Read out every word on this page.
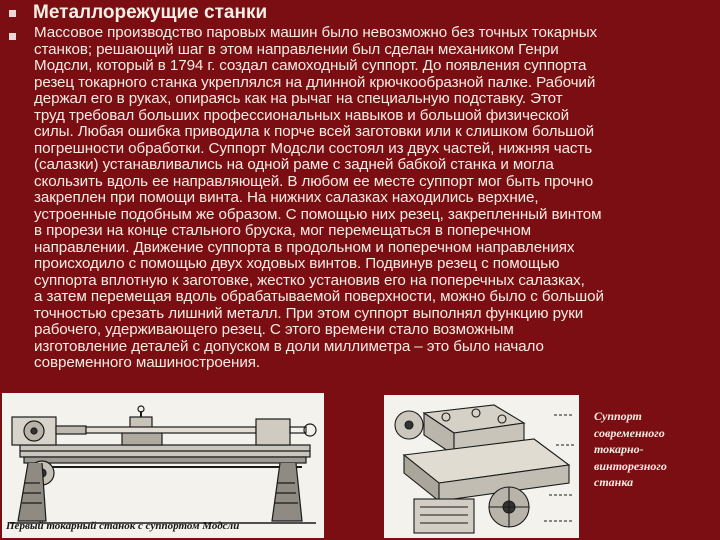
Металлорежущие станки
Массовое производство паровых машин было невозможно без точных токарных
станков; решающий шаг в этом направлении был сделан механиком Генри
Модсли, который в 1794 г. создал самоходный суппорт. До появления суппорта
резец токарного станка укреплялся на длинной крючкообразной палке. Рабочий
держал его в руках, опираясь как на рычаг на специальную подставку. Этот
труд требовал больших профессиональных навыков и большой физической
силы. Любая ошибка приводила к порче всей заготовки или к слишком большой
погрешности обработки. Суппорт Модсли состоял из двух частей, нижняя часть
(салазки) устанавливались на одной раме с задней бабкой станка и могла
скользить вдоль ее направляющей. В любом ее месте суппорт мог быть прочно
закреплен при помощи винта. На нижних салазках находились верхние,
устроенные подобным же образом. С помощью них резец, закрепленный винтом
в прорези на конце стального бруска, мог перемещаться в поперечном
направлении. Движение суппорта в продольном и поперечном направлениях
происходило с помощью двух ходовых винтов. Подвинув резец с помощью
суппорта вплотную к заготовке, жестко установив его на поперечных салазках,
а затем перемещая вдоль обрабатываемой поверхности, можно было с большой
точностью срезать лишний металл. При этом суппорт выполнял функцию руки
рабочего, удерживающего резец. С этого времени стало возможным
изготовление деталей с допуском в доли миллиметра – это было начало
современного машиностроения.
Первый токарный станок с суппортом Модсли
Суппорт
современного
токарно-
винторезного
станка
